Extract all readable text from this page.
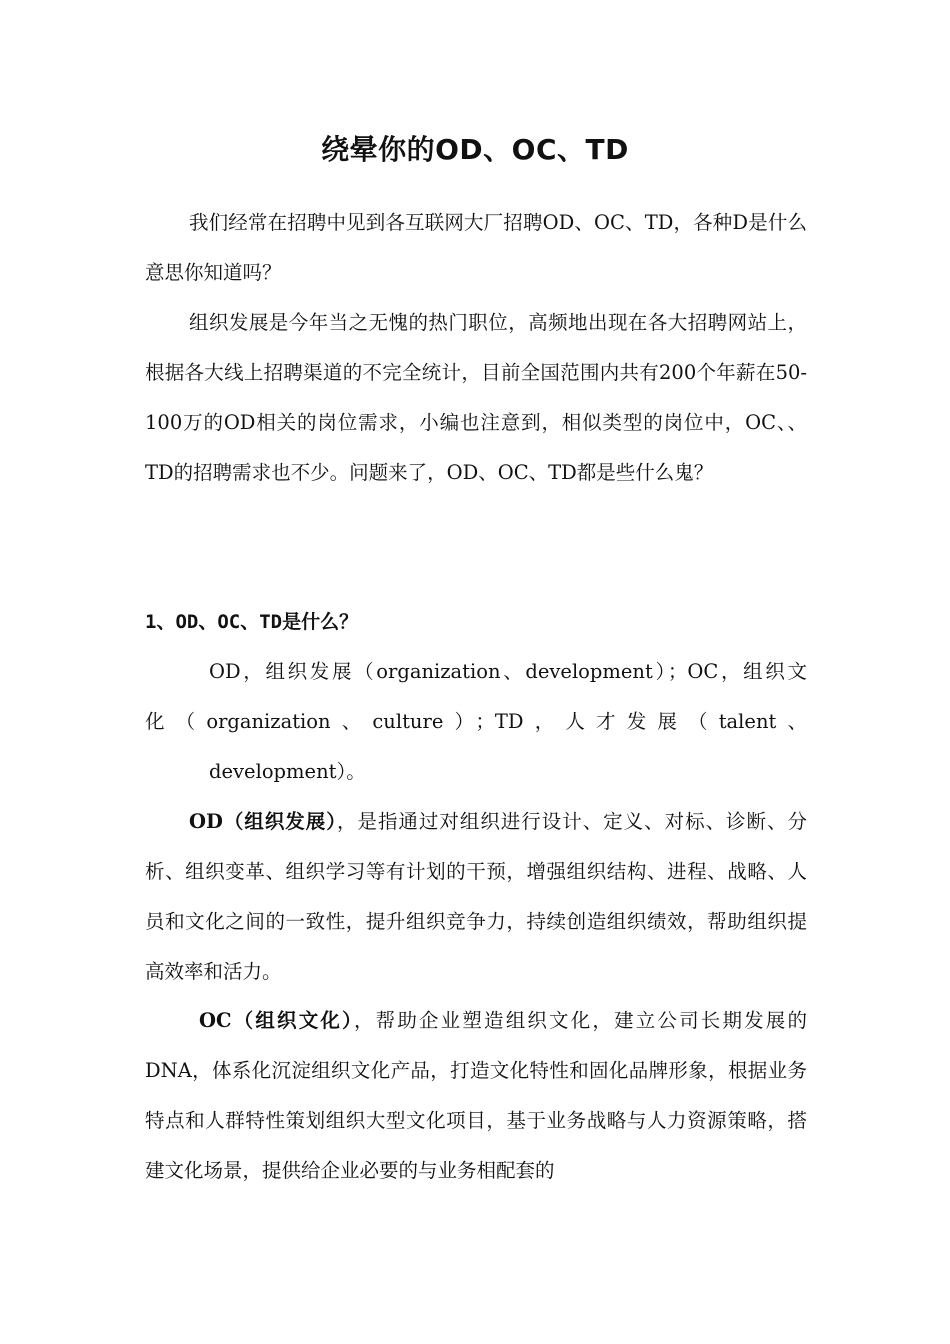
绕晕你的OD、OC、TD
我们经常在招聘中见到各互联网大厂招聘OD、OC、TD，各种D是什么意思你知道吗？
组织发展是今年当之无愧的热门职位，高频地出现在各大招聘网站上，根据各大线上招聘渠道的不完全统计，目前全国范围内共有200个年薪在50-100万的OD相关的岗位需求，小编也注意到，相似类型的岗位中，OC、、TD的招聘需求也不少。问题来了，OD、OC、TD都是些什么鬼？
1、OD、OC、TD是什么？
OD，组织发展（organization、development）；OC，组织文
化（organization、culture）；TD，人才发展（talent、
development）。
OD（组织发展），是指通过对组织进行设计、定义、对标、诊断、分析、组织变革、组织学习等有计划的干预，增强组织结构、进程、战略、人员和文化之间的一致性，提升组织竞争力，持续创造组织绩效，帮助组织提高效率和活力。
OC（组织文化），帮助企业塑造组织文化，建立公司长期发展的DNA，体系化沉淀组织文化产品，打造文化特性和固化品牌形象，根据业务特点和人群特性策划组织大型文化项目，基于业务战略与人力资源策略，搭建文化场景，提供给企业必要的与业务相配套的
